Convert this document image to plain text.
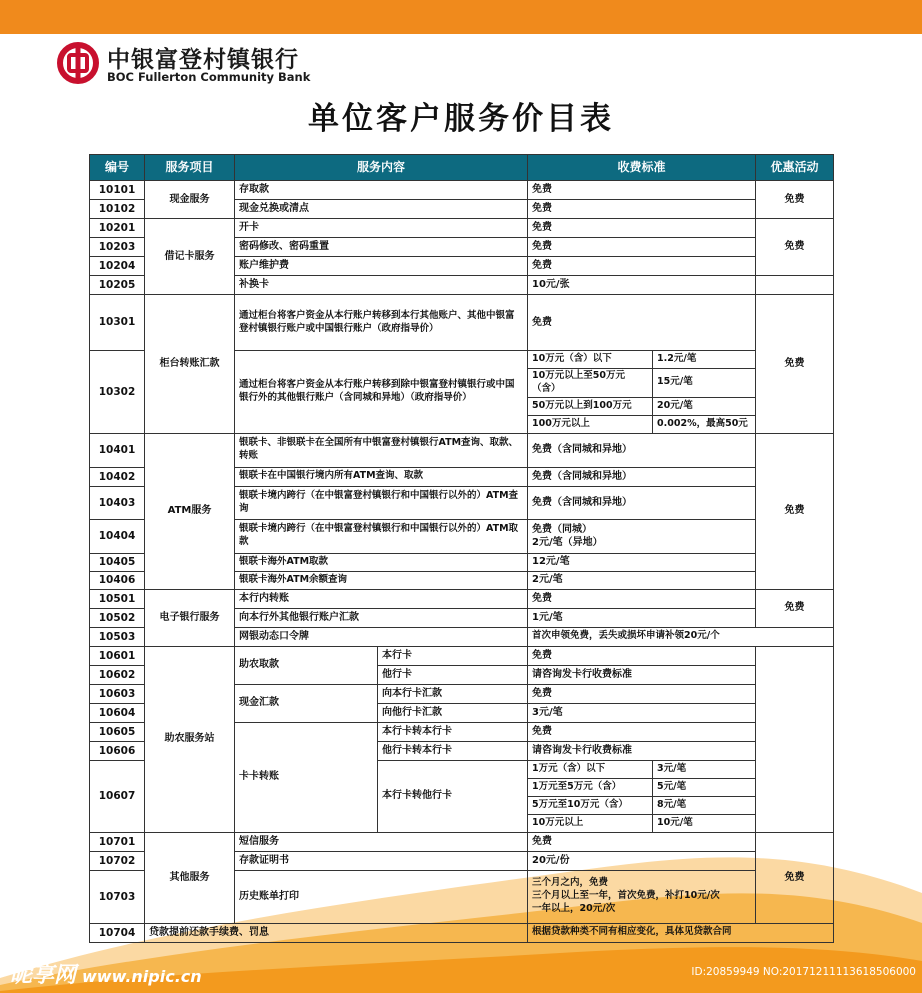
中银富登村镇银行
BOC Fullerton Community Bank
单位客户服务价目表
编号	服务项目	服务内容		收费标准		优惠活动
10101	现金服务	存取款		免费		免费
10102		现金兑换或清点		免费		
10201	借记卡服务	开卡		免费		免费
10203		密码修改、密码重置		免费		
10204		账户维护费		免费		
10205		补换卡		10元/张		
10301	柜台转账汇款	通过柜台将客户资金从本行账户转移到本行其他账户、其他中银富登村镇银行账户或中国银行账户（政府指导价）		免费		免费
10302		通过柜台将客户资金从本行账户转移到除中银富登村镇银行或中国银行外的其他银行账户（含同城和异地）（政府指导价）		10万元（含）以下	1.2元/笔	
				10万元以上至50万元（含）	15元/笔	
				50万元以上到100万元	20元/笔	
				100万元以上	0.002%，最高50元	
10401	ATM服务	银联卡、非银联卡在全国所有中银富登村镇银行ATM查询、取款、转账		免费（含同城和异地）		免费
10402		银联卡在中国银行境内所有ATM查询、取款		免费（含同城和异地）		
10403		银联卡境内跨行（在中银富登村镇银行和中国银行以外的）ATM查询		免费（含同城和异地）		
10404		银联卡境内跨行（在中银富登村镇银行和中国银行以外的）ATM取款		免费（同城）
2元/笔（异地）		

10405		银联卡海外ATM取款		12元/笔		
10406		银联卡海外ATM余额查询		2元/笔		
10501	电子银行服务	本行内转账		免费		免费
10502		向本行外其他银行账户汇款		1元/笔		
10503		网银动态口令牌		首次申领免费，丢失或损坏申请补领20元/个		
10601	助农服务站	助农取款	本行卡	免费		
10602			他行卡	请咨询发卡行收费标准		
10603		现金汇款	向本行卡汇款	免费		
10604			向他行卡汇款	3元/笔		
10605		卡卡转账	本行卡转本行卡	免费		
10606			他行卡转本行卡	请咨询发卡行收费标准		
10607			本行卡转他行卡	1万元（含）以下	3元/笔	
				1万元至5万元（含）	5元/笔	
				5万元至10万元（含）	8元/笔	
				10万元以上	10元/笔	
10701	其他服务	短信服务		免费		免费
10702		存款证明书		20元/份		
10703		历史账单打印		三个月之内，免费
三个月以上至一年，首次免费，补打10元/次
一年以上，20元/次		

10704	贷款提前还款手续费、罚息			根据贷款种类不同有相应变化，具体见贷款合同		
昵享网 www.nipic.cn	ID:20859949 NO:20171211113618506000
